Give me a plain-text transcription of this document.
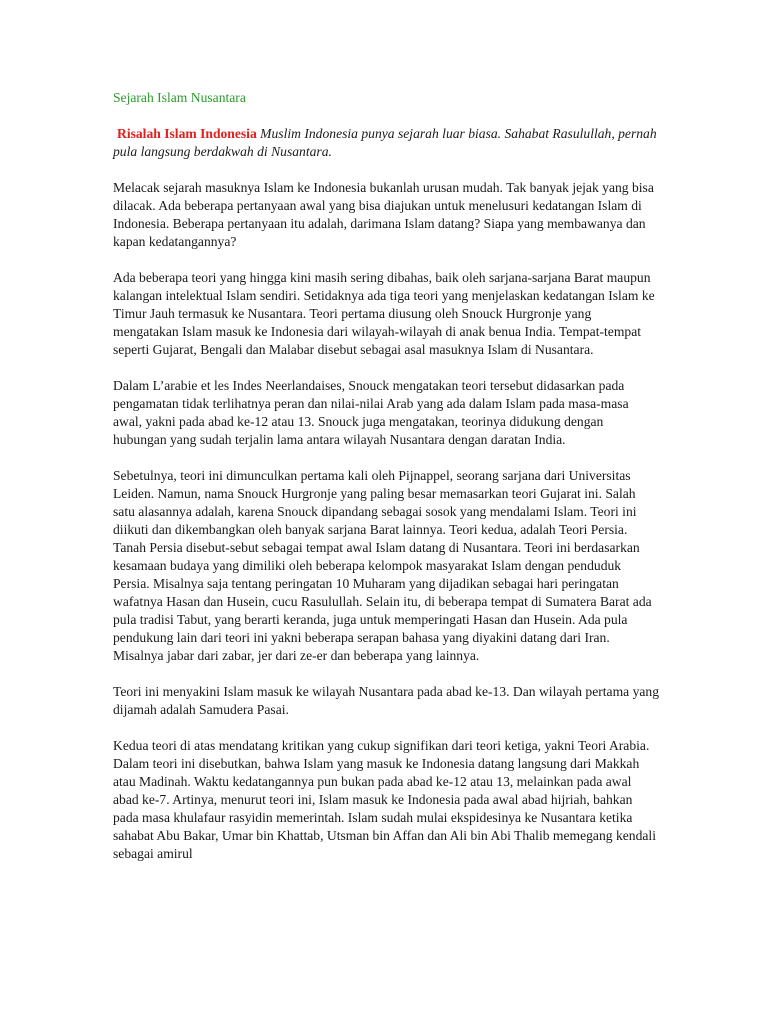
Sejarah Islam Nusantara
Risalah Islam Indonesia Muslim Indonesia punya sejarah luar biasa. Sahabat Rasulullah, pernah pula langsung berdakwah di Nusantara.

Melacak sejarah masuknya Islam ke Indonesia bukanlah urusan mudah. Tak banyak jejak yang bisa dilacak. Ada beberapa pertanyaan awal yang bisa diajukan untuk menelusuri kedatangan Islam di Indonesia. Beberapa pertanyaan itu adalah, darimana Islam datang? Siapa yang membawanya dan kapan kedatangannya?

Ada beberapa teori yang hingga kini masih sering dibahas, baik oleh sarjana-sarjana Barat maupun kalangan intelektual Islam sendiri. Setidaknya ada tiga teori yang menjelaskan kedatangan Islam ke Timur Jauh termasuk ke Nusantara. Teori pertama diusung oleh Snouck Hurgronje yang mengatakan Islam masuk ke Indonesia dari wilayah-wilayah di anak benua India. Tempat-tempat seperti Gujarat, Bengali dan Malabar disebut sebagai asal masuknya Islam di Nusantara.

Dalam L’arabie et les Indes Neerlandaises, Snouck mengatakan teori tersebut didasarkan pada pengamatan tidak terlihatnya peran dan nilai-nilai Arab yang ada dalam Islam pada masa-masa awal, yakni pada abad ke-12 atau 13. Snouck juga mengatakan, teorinya didukung dengan hubungan yang sudah terjalin lama antara wilayah Nusantara dengan daratan India.

Sebetulnya, teori ini dimunculkan pertama kali oleh Pijnappel, seorang sarjana dari Universitas Leiden. Namun, nama Snouck Hurgronje yang paling besar memasarkan teori Gujarat ini. Salah satu alasannya adalah, karena Snouck dipandang sebagai sosok yang mendalami Islam. Teori ini diikuti dan dikembangkan oleh banyak sarjana Barat lainnya. Teori kedua, adalah Teori Persia. Tanah Persia disebut-sebut sebagai tempat awal Islam datang di Nusantara. Teori ini berdasarkan kesamaan budaya yang dimiliki oleh beberapa kelompok masyarakat Islam dengan penduduk Persia. Misalnya saja tentang peringatan 10 Muharam yang dijadikan sebagai hari peringatan wafatnya Hasan dan Husein, cucu Rasulullah. Selain itu, di beberapa tempat di Sumatera Barat ada pula tradisi Tabut, yang berarti keranda, juga untuk memperingati Hasan dan Husein. Ada pula pendukung lain dari teori ini yakni beberapa serapan bahasa yang diyakini datang dari Iran. Misalnya jabar dari zabar, jer dari ze-er dan beberapa yang lainnya.

Teori ini menyakini Islam masuk ke wilayah Nusantara pada abad ke-13. Dan wilayah pertama yang dijamah adalah Samudera Pasai.

Kedua teori di atas mendatang kritikan yang cukup signifikan dari teori ketiga, yakni Teori Arabia. Dalam teori ini disebutkan, bahwa Islam yang masuk ke Indonesia datang langsung dari Makkah atau Madinah. Waktu kedatangannya pun bukan pada abad ke-12 atau 13, melainkan pada awal abad ke-7. Artinya, menurut teori ini, Islam masuk ke Indonesia pada awal abad hijriah, bahkan pada masa khulafaur rasyidin memerintah. Islam sudah mulai ekspidesinya ke Nusantara ketika sahabat Abu Bakar, Umar bin Khattab, Utsman bin Affan dan Ali bin Abi Thalib memegang kendali sebagai amirul
